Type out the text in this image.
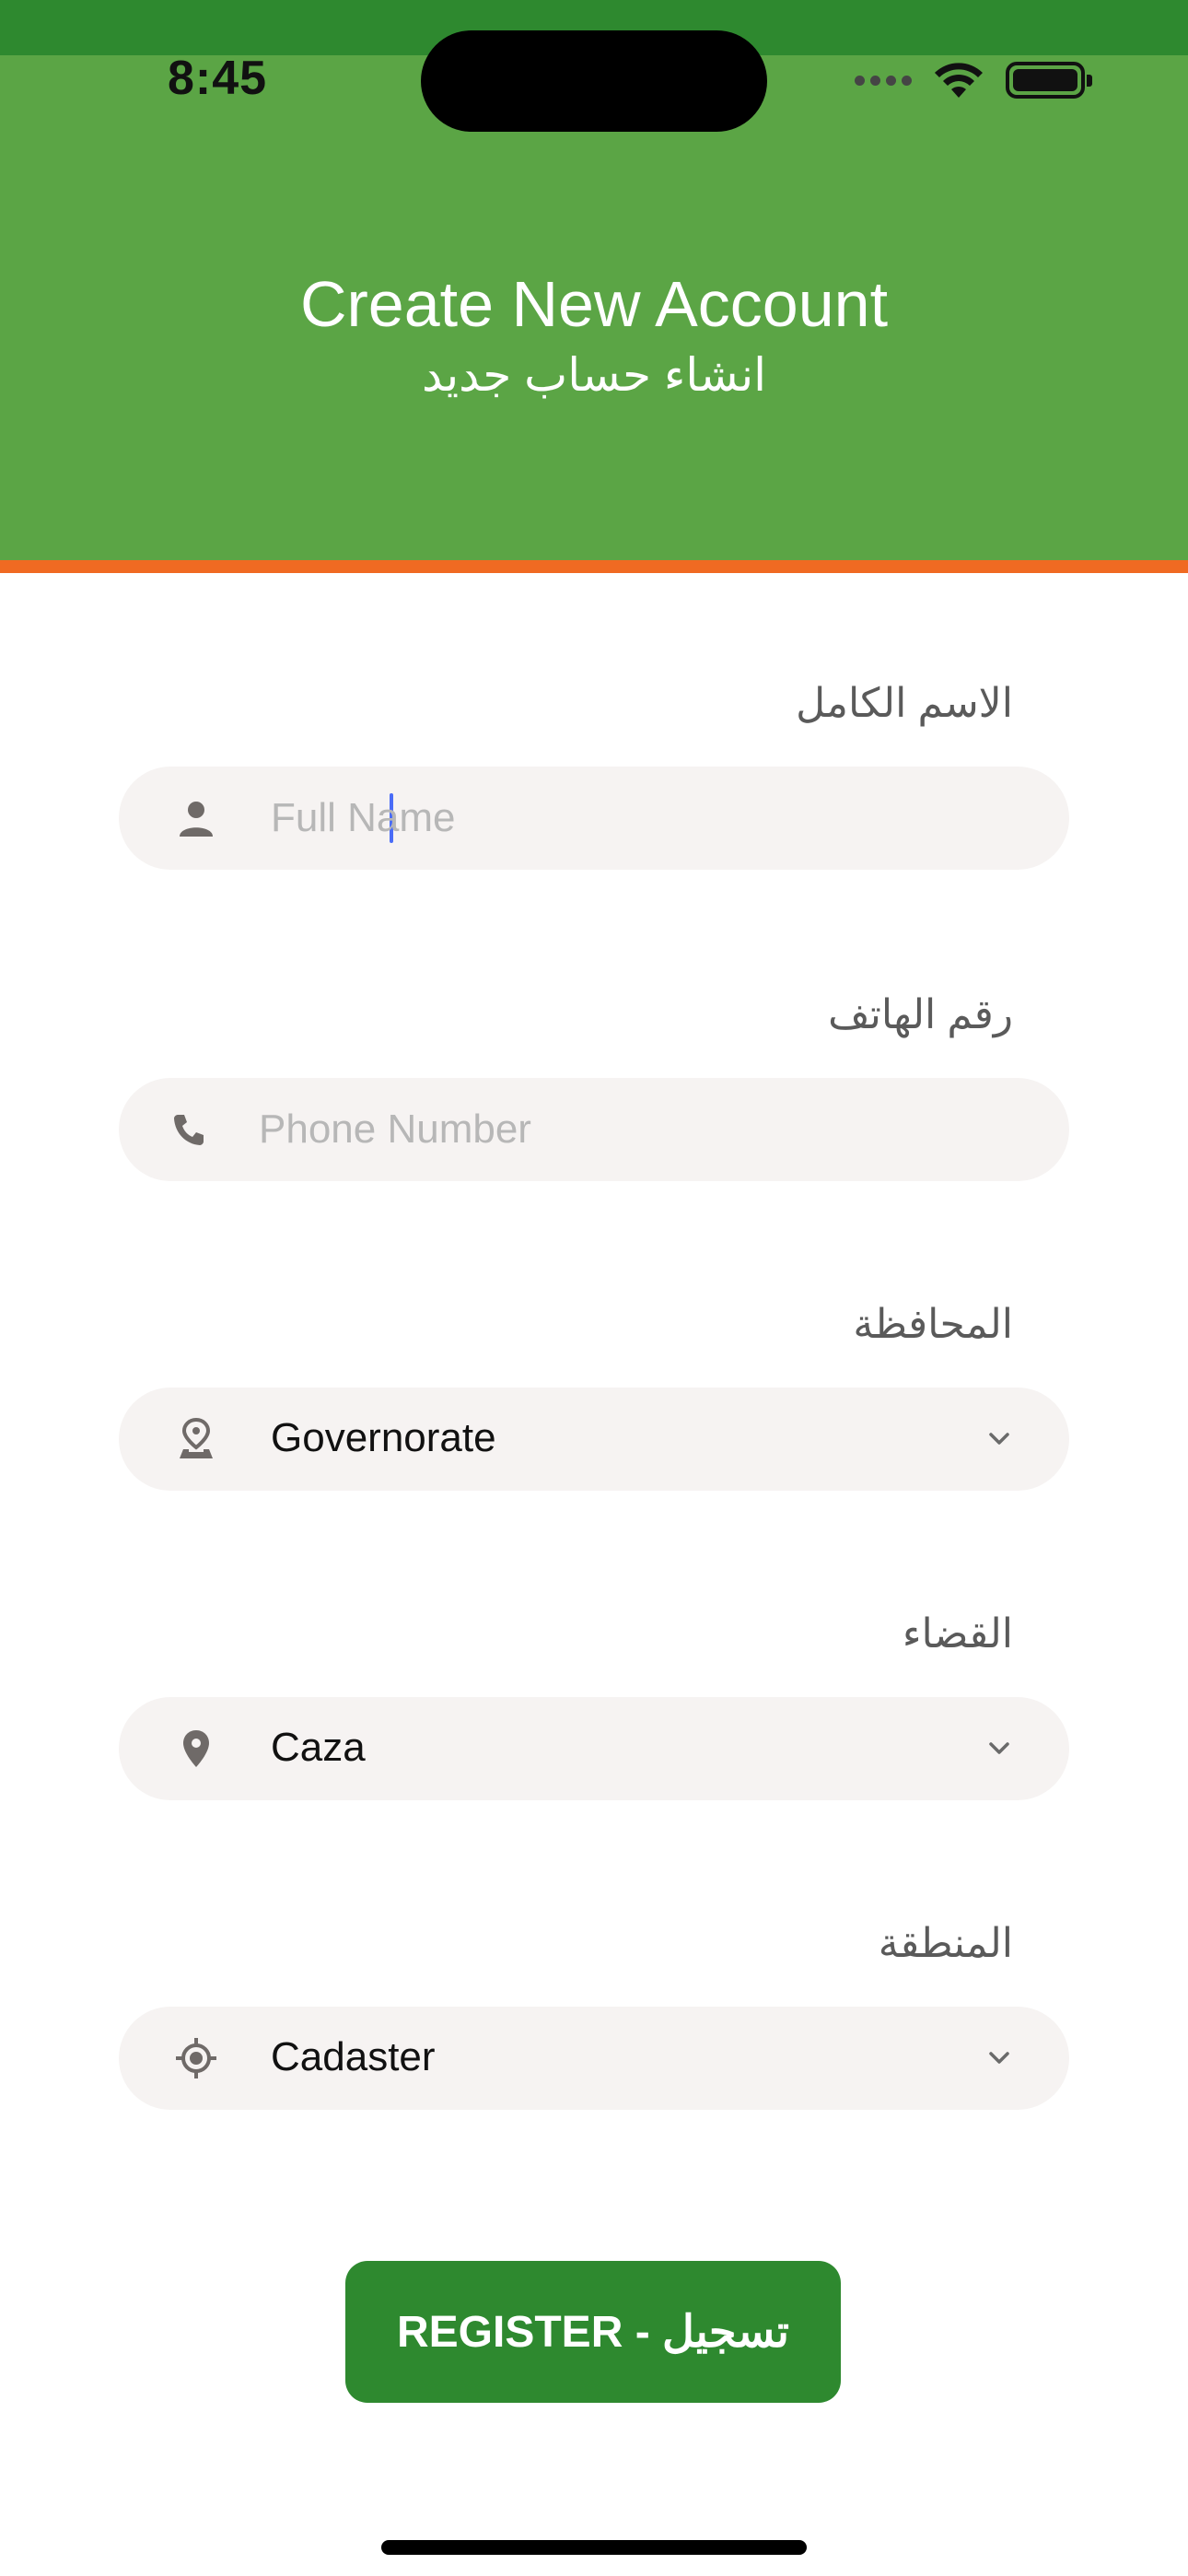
8:45
Create New Account
انشاء حساب جديد
الاسم الكامل
Full Name
رقم الهاتف
Phone Number
المحافظة
Governorate
القضاء
Caza
المنطقة
Cadaster
REGISTER - تسجيل
